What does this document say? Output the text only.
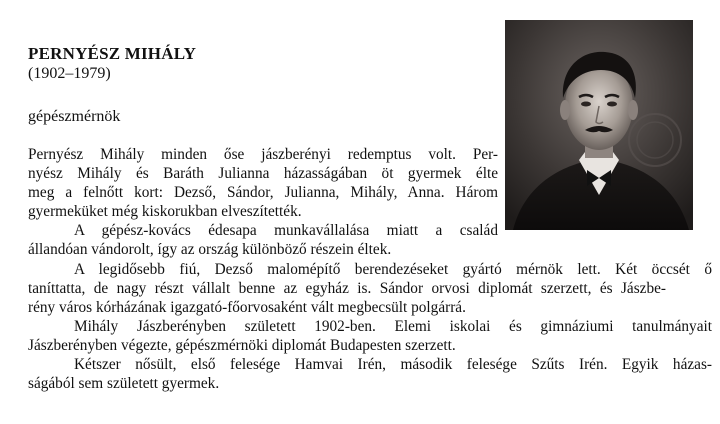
PERNYÉSZ MIHÁLY
(1902–1979)
gépészmérnök
Pernyész Mihály minden őse jászberényi redemptus volt. Per-
nyész Mihály és Baráth Julianna házasságában öt gyermek élte
meg a felnőtt kort: Dezső, Sándor, Julianna, Mihály, Anna. Három
gyermeküket még kiskorukban elveszítették.
A gépész-kovács édesapa munkavállalása miatt a család
állandóan vándorolt, így az ország különböző részein éltek.
A legidősebb fiú, Dezső malomépítő berendezéseket gyártó mérnök lett. Két öccsét ő
taníttatta, de nagy részt vállalt benne az egyház is. Sándor orvosi diplomát szerzett, és Jászbe-
rény város kórházának igazgató-főorvosaként vált megbecsült polgárrá.
Mihály Jászberényben született 1902-ben. Elemi iskolai és gimnáziumi tanulmányait
Jászberényben végezte, gépészmérnöki diplomát Budapesten szerzett.
Kétszer nősült, első felesége Hamvai Irén, második felesége Szűts Irén. Egyik házas-
ságából sem született gyermek.
